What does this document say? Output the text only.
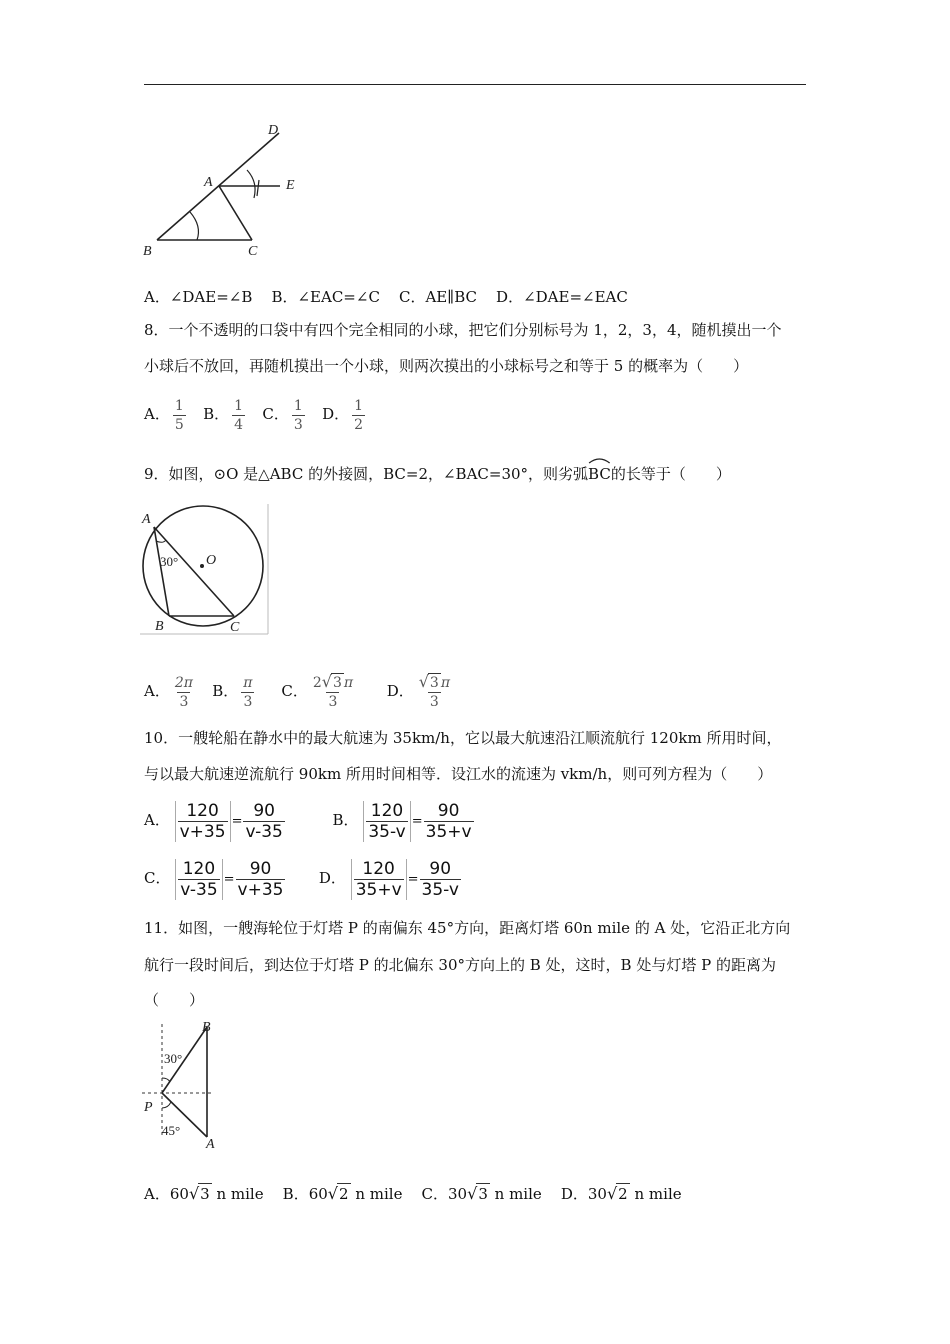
D
A	E
B	C
A．∠DAE=∠B B．∠EAC=∠C C．AE∥BC D．∠DAE=∠EAC
8．一个不透明的口袋中有四个完全相同的小球，把它们分别标号为 1，2，3，4，随机摸出一个
小球后不放回，再随机摸出一个小球，则两次摸出的小球标号之和等于 5 的概率为（　　）
A． $\frac{1}{5}$ B． $\frac{1}{4}$ C． $\frac{1}{3}$ D． $\frac{1}{2}$
9．如图，⊙O 是△ABC 的外接圆，BC=2，∠BAC=30°，则劣弧
BC的长等于（　　）
A
O
30°
B	C
A． $\frac{2\pi}{3}$ B． $\frac{\pi}{3}$ C． $\frac{2√3 \pi}{3}$ D． $\frac{√3 \pi}{3}$
10．一艘轮船在静水中的最大航速为 35km/h，它以最大航速沿江顺流航行 120km 所用时间，
与以最大航速逆流航行 90km 所用时间相等．设江水的流速为 vkm/h，则可列方程为（　　）
A． 120
$v+35 = \frac{90}{v-35}$	B． 120
$35-v = \frac{90}{35+v}$
C． 120
$v-35 = \frac{90}{v+35}$ D． 120
$35+v = \frac{90}{35-v}$
11．如图，一艘海轮位于灯塔 P 的南偏东 45°方向，距离灯塔 60n mile 的 A 处，它沿正北方向
航行一段时间后，到达位于灯塔 P 的北偏东 30°方向上的 B 处，这时，B 处与灯塔 P 的距离为
（　　）
B
P
A
30°
45°
A．60√3 n mile B．60√2 n mile C．30√3 n mile D．30√2 n mile
